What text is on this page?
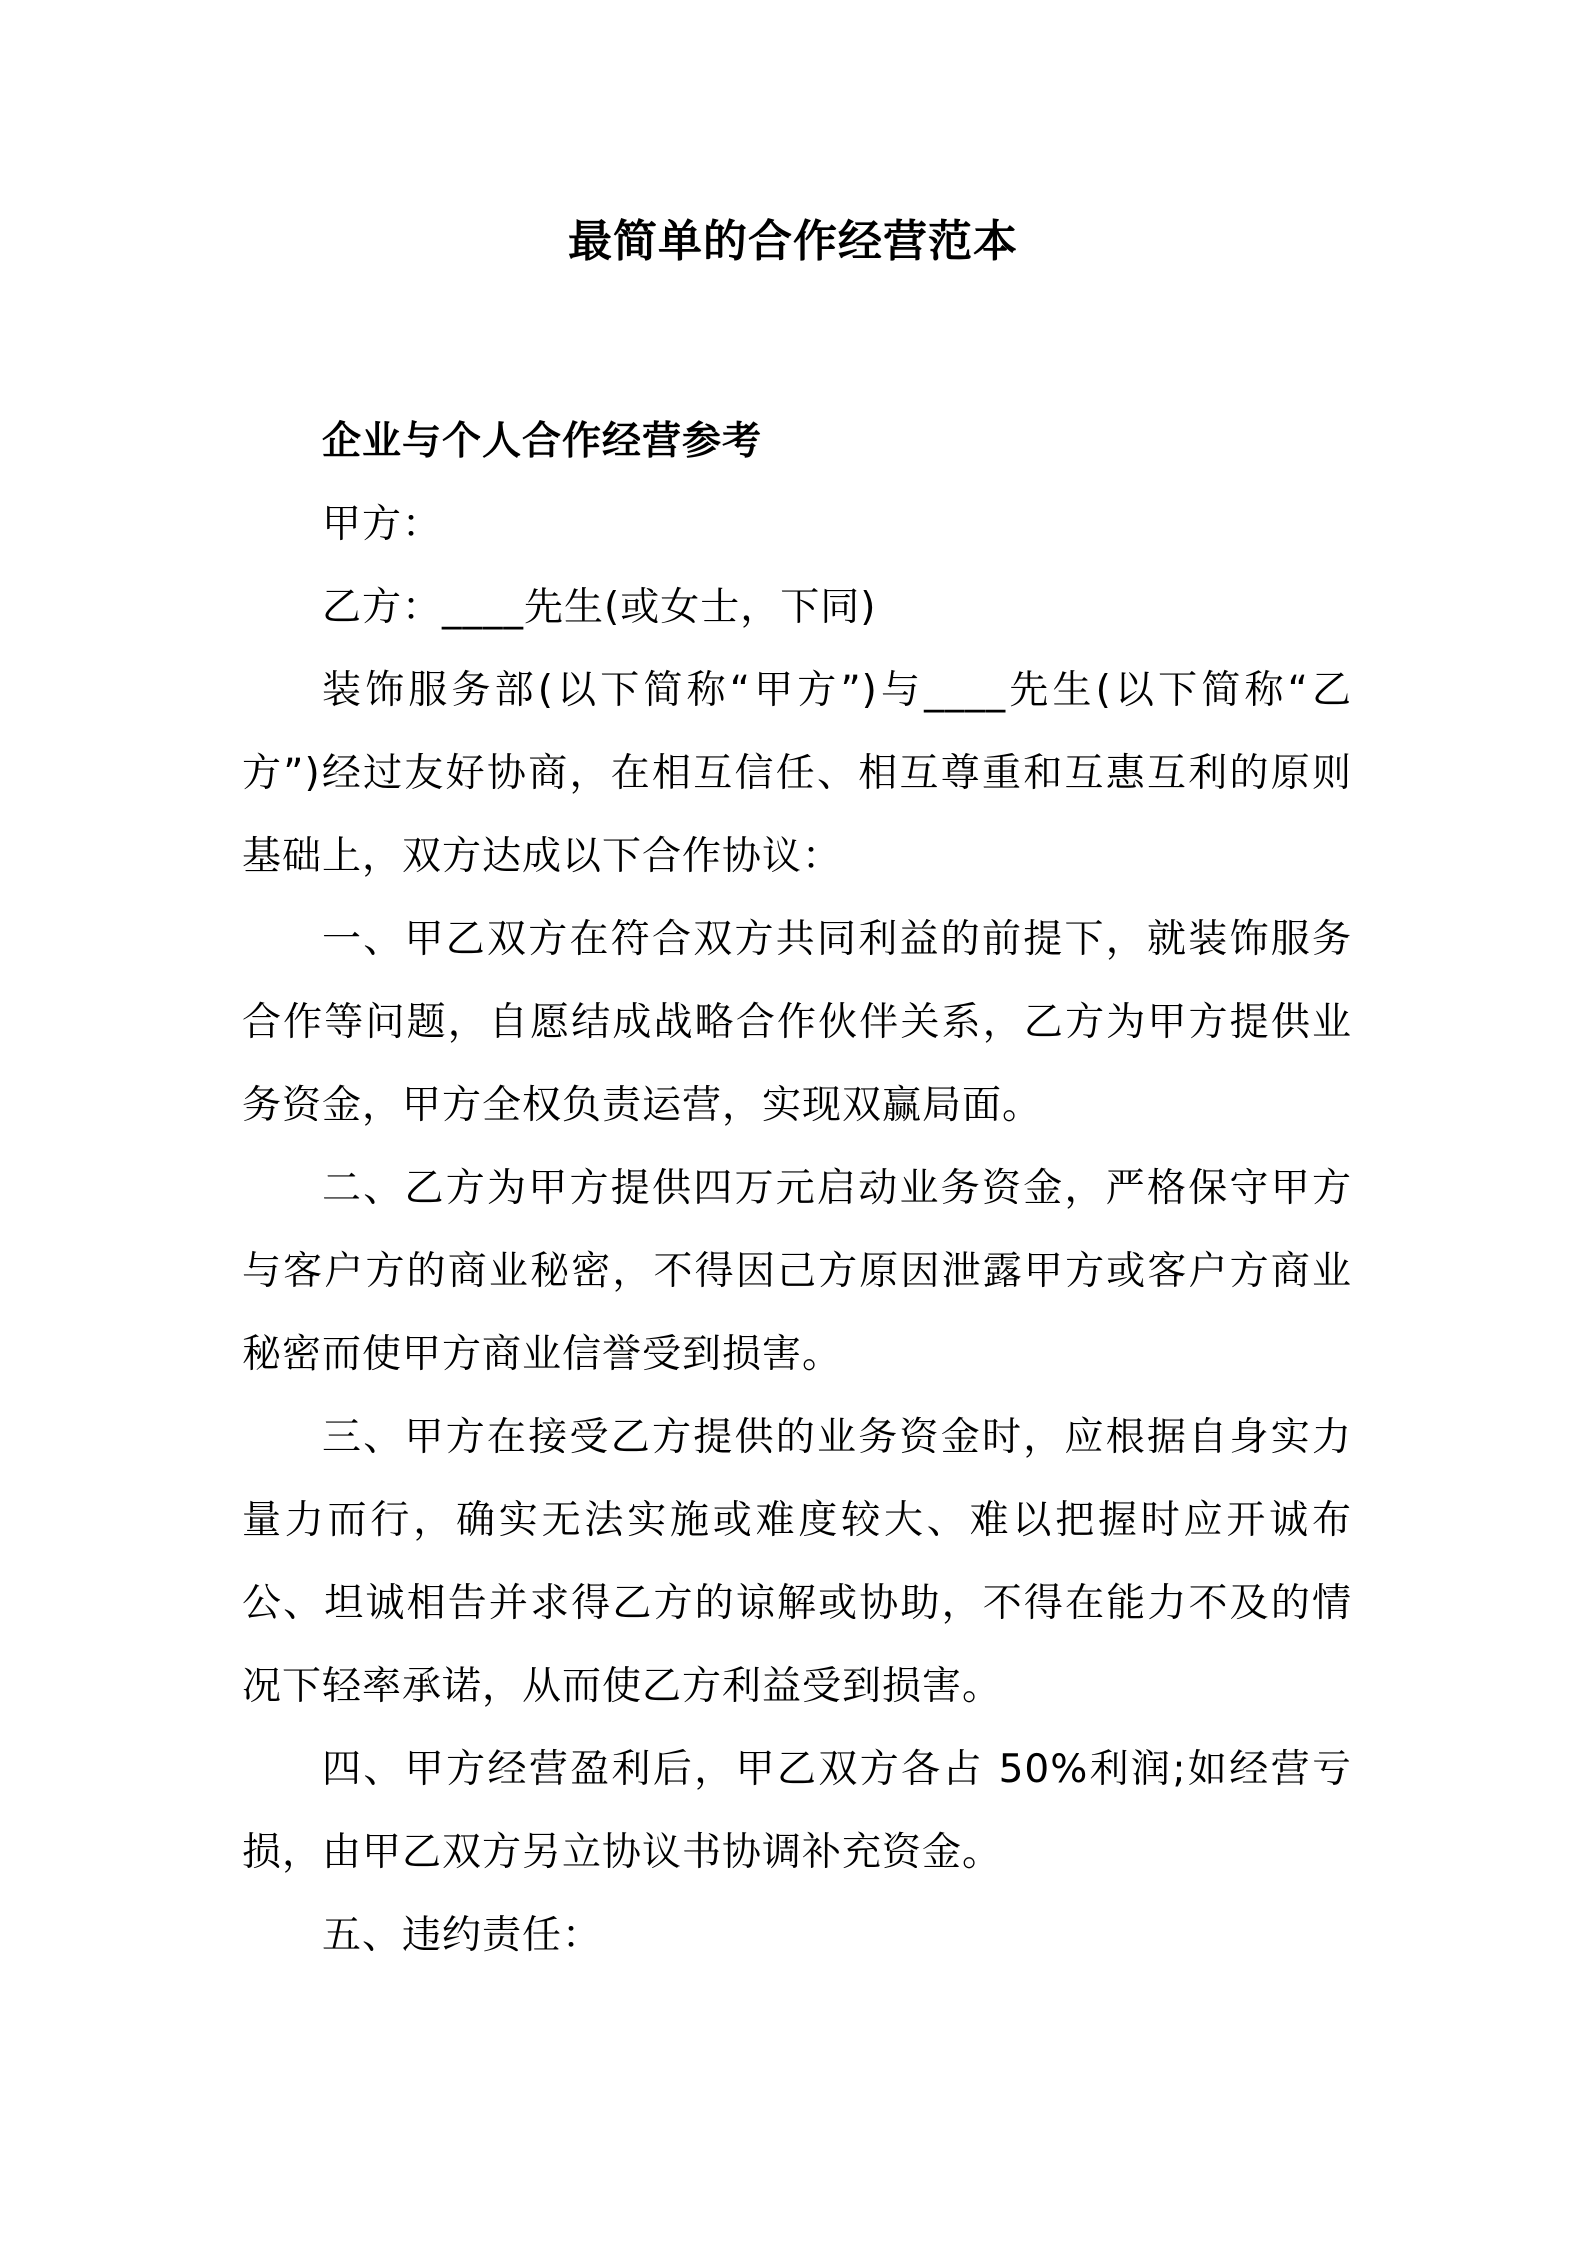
最简单的合作经营范本

企业与个人合作经营参考

甲方：

乙方：____先生(或女士，下同)

装饰服务部(以下简称“甲方”)与____先生(以下简称“乙方”)经过友好协商，在相互信任、相互尊重和互惠互利的原则基础上，双方达成以下合作协议：

一、甲乙双方在符合双方共同利益的前提下，就装饰服务合作等问题，自愿结成战略合作伙伴关系，乙方为甲方提供业务资金，甲方全权负责运营，实现双赢局面。

二、乙方为甲方提供四万元启动业务资金，严格保守甲方与客户方的商业秘密，不得因己方原因泄露甲方或客户方商业秘密而使甲方商业信誉受到损害。

三、甲方在接受乙方提供的业务资金时，应根据自身实力量力而行，确实无法实施或难度较大、难以把握时应开诚布公、坦诚相告并求得乙方的谅解或协助，不得在能力不及的情况下轻率承诺，从而使乙方利益受到损害。

四、甲方经营盈利后，甲乙双方各占 50%利润;如经营亏损，由甲乙双方另立协议书协调补充资金。

五、违约责任：
